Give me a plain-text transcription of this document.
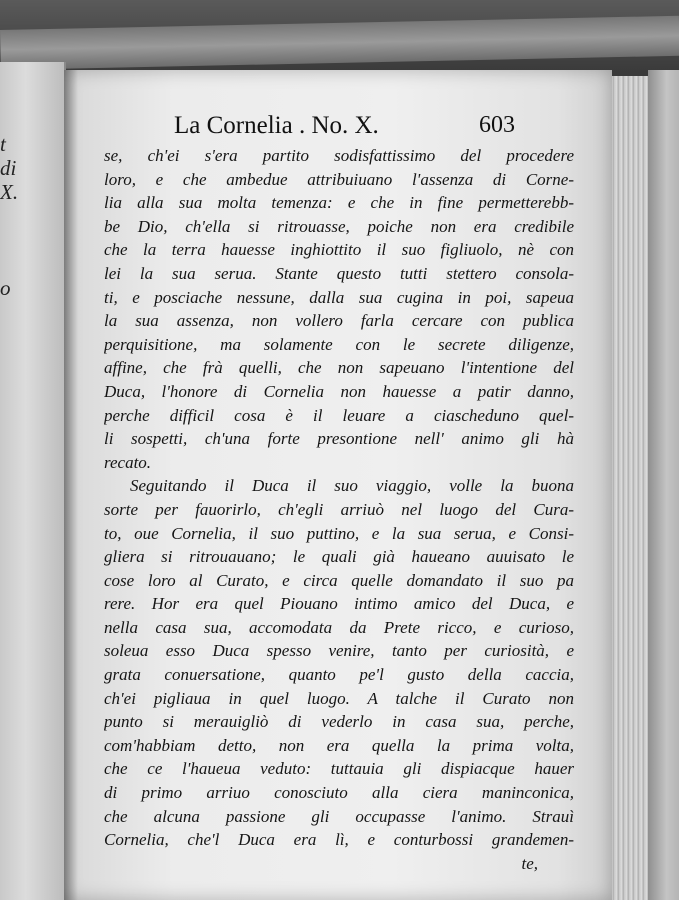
t
di
X.
o
La Cornelia . No. X.	603
se, ch'ei s'era partito sodisfattissimo del procedere
loro, e che ambedue attribuiuano l'assenza di Corne-
lia alla sua molta temenza: e che in fine permetterebb-
be Dio, ch'ella si ritrouasse, poiche non era credibile
che la terra hauesse inghiottito il suo figliuolo, nè con
lei la sua serua. Stante questo tutti stettero consola-
ti, e posciache nessune, dalla sua cugina in poi, sapeua
la sua assenza, non vollero farla cercare con publica
perquisitione, ma solamente con le secrete diligenze,
affine, che frà quelli, che non sapeuano l'intentione del
Duca, l'honore di Cornelia non hauesse a patir danno,
perche difficil cosa è il leuare a ciascheduno quel-
li sospetti, ch'una forte presontione nell' animo gli hà
recato.
Seguitando il Duca il suo viaggio, volle la buona
sorte per fauorirlo, ch'egli arriuò nel luogo del Cura-
to, oue Cornelia, il suo puttino, e la sua serua, e Consi-
gliera si ritrouauano; le quali già haueano auuisato le
cose loro al Curato, e circa quelle domandato il suo pa
rere. Hor era quel Piouano intimo amico del Duca, e
nella casa sua, accomodata da Prete ricco, e curioso,
soleua esso Duca spesso venire, tanto per curiosità, e
grata conuersatione, quanto pe'l gusto della caccia,
ch'ei pigliaua in quel luogo. A talche il Curato non
punto si merauigliò di vederlo in casa sua, perche,
com'habbiam detto, non era quella la prima volta,
che ce l'haueua veduto: tuttauia gli dispiacque hauer
di primo arriuo conosciuto alla ciera maninconica,
che alcuna passione gli occupasse l'animo. Strauì
Cornelia, che'l Duca era lì, e conturbossi grandemen-
te,
